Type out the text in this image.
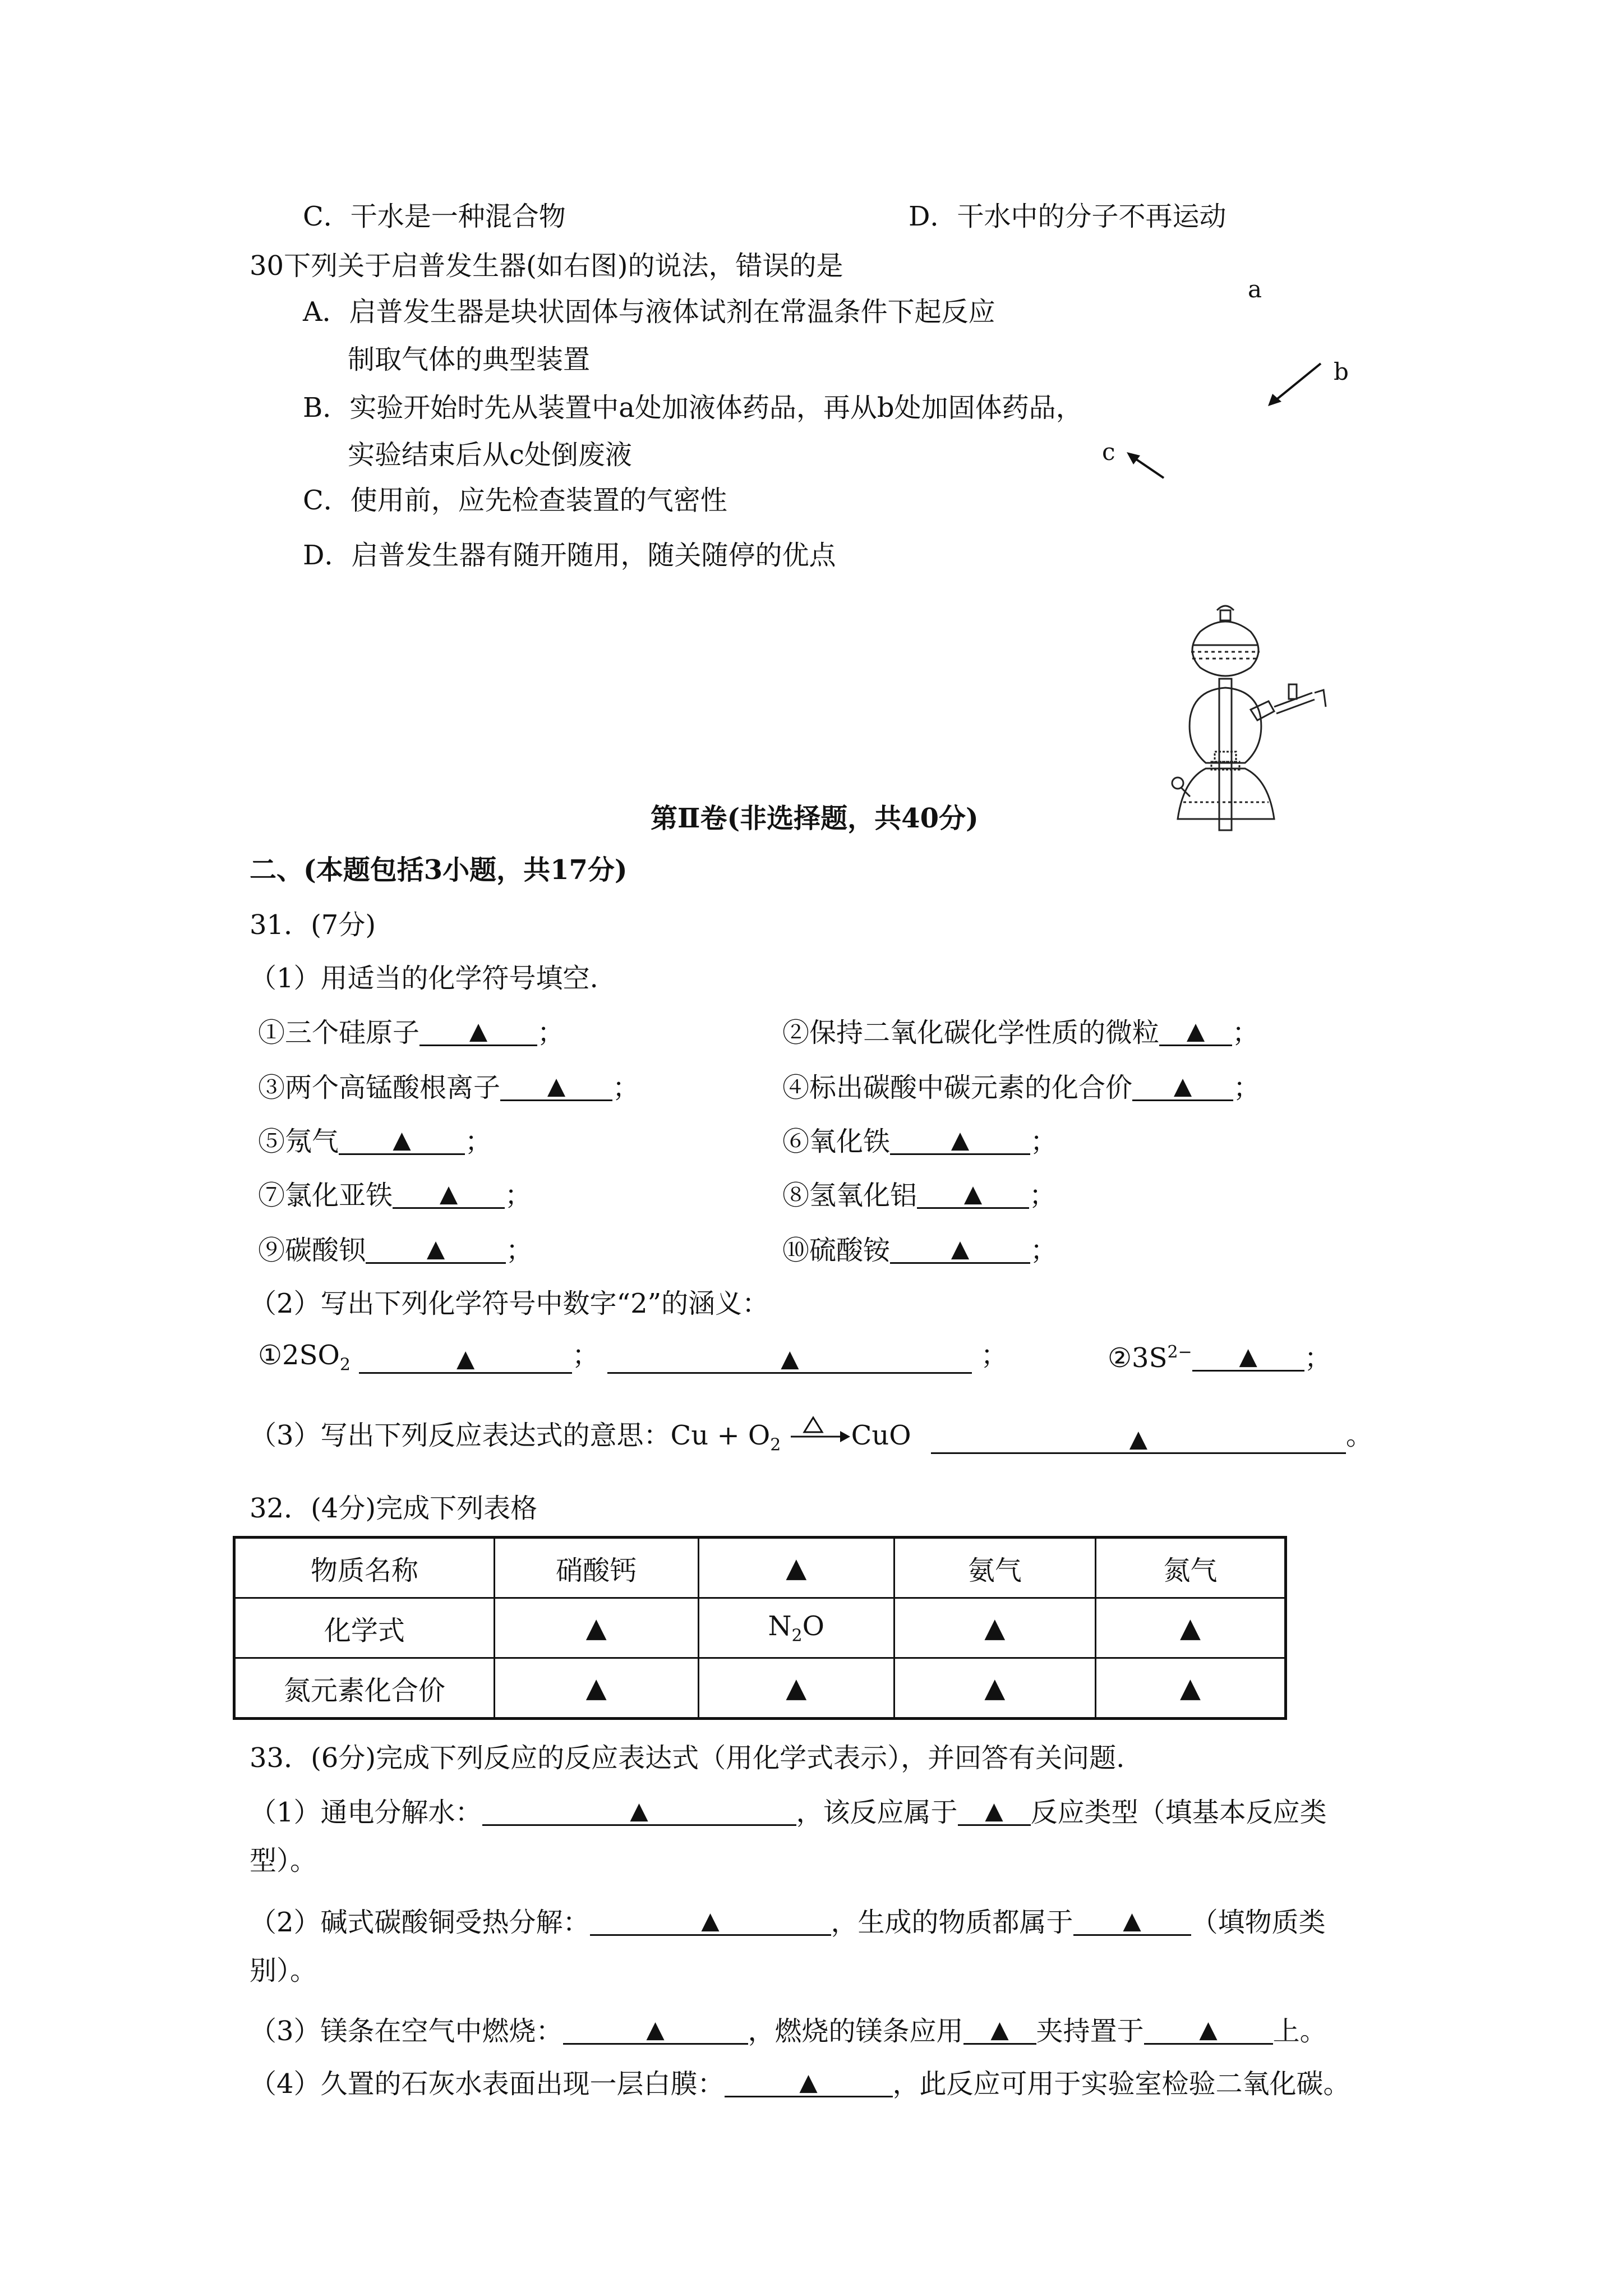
C．干水是一种混合物	D．干水中的分子不再运动
30下列关于启普发生器(如右图)的说法，错误的是
A．启普发生器是块状固体与液体试剂在常温条件下起反应
制取气体的典型装置
B．实验开始时先从装置中a处加液体药品，再从b处加固体药品，
实验结束后从c处倒废液
C．使用前，应先检查装置的气密性
D．启普发生器有随开随用，随关随停的优点
a
b
c
第Ⅱ卷(非选择题，共40分)
二、(本题包括3小题，共17分)
31．(7分)
（1）用适当的化学符号填空.
①三个硅原子 ▲ ；	②保持二氧化碳化学性质的微粒 ▲ ；
③两个高锰酸根离子 ▲ ；	④标出碳酸中碳元素的化合价 ▲ ；
⑤氖气 ▲ ；	⑥氧化铁	▲ ；
⑦氯化亚铁 ▲ ；	⑧氢氧化铝 ▲ ；
⑨碳酸钡	▲ ；	⑩硫酸铵	▲ ；
（2）写出下列化学符号中数字“2”的涵义：
$①2SO_2$	▲	；	▲	；	$②3S^{2-}$ ▲ ；
（3）写出下列反应表达式的意思：$Cu + O_2$	CuO	▲	。
32．(4分)完成下列表格
物质名称	硝酸钙	▲	氨气	氮气
化学式	▲	$N_2O$	▲	▲
氮元素化合价	▲	▲	▲	▲
33．(6分)完成下列反应的反应表达式（用化学式表示），并回答有关问题.
（1）通电分解水：	▲	，该反应属于 ▲ 反应类型（填基本反应类
型）。
（2）碱式碳酸铜受热分解：	▲	，生成的物质都属于 ▲ （填物质类
别）。
（3）镁条在空气中燃烧：	▲	，燃烧的镁条应用 ▲ 夹持置于 ▲ 上。
（4）久置的石灰水表面出现一层白膜：	▲	，此反应可用于实验室检验二氧化碳。
